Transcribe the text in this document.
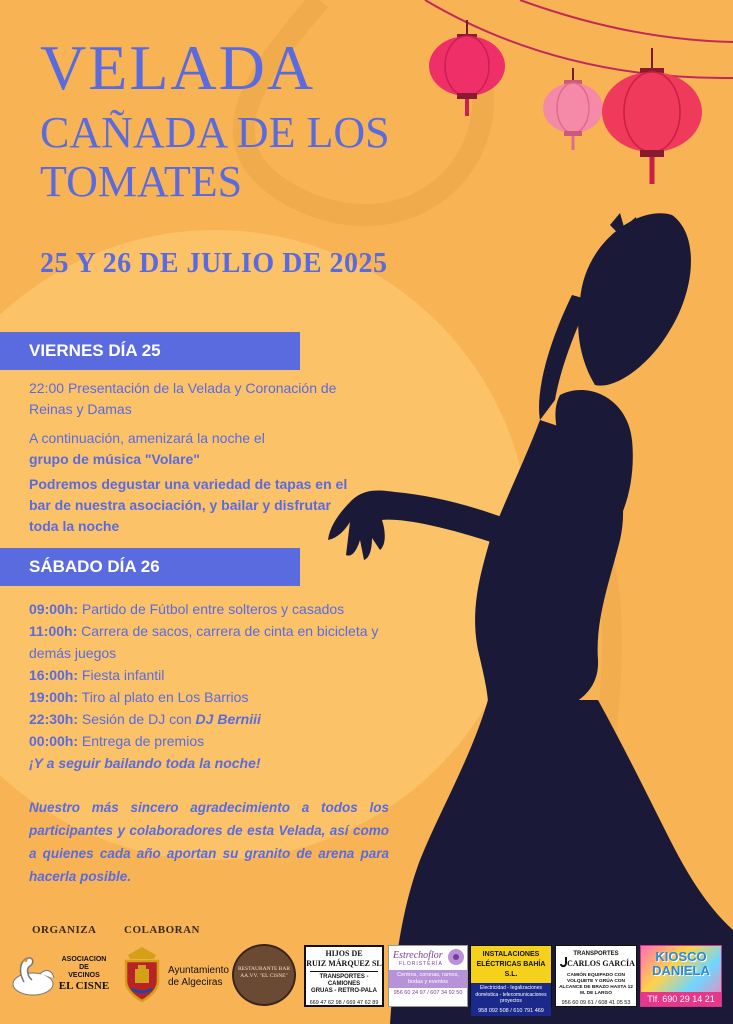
VELADA
CAÑADA DE LOS TOMATES
25 Y 26 DE JULIO DE 2025
VIERNES DÍA 25
22:00 Presentación de la Velada y Coronación de Reinas y Damas
A continuación, amenizará la noche el
grupo de música "Volare"
Podremos degustar una variedad de tapas en el bar de nuestra asociación, y bailar y disfrutar toda la noche
SÁBADO DÍA 26
09:00h: Partido de Fútbol entre solteros y casados
11:00h: Carrera de sacos, carrera de cinta en bicicleta y demás juegos
16:00h: Fiesta infantil
19:00h: Tiro al plato en Los Barrios
22:30h: Sesión de DJ con DJ Berniii
00:00h: Entrega de premios
¡Y a seguir bailando toda la noche!
Nuestro más sincero agradecimiento a todos los participantes y colaboradores de esta Velada, así como a quienes cada año aportan su granito de arena para hacerla posible.
ORGANIZA COLABORAN
ASOCIACION
DE
VECINOS
EL CISNE
Ayuntamiento
de Algeciras
RESTAURANTE BAR
AA.VV. "EL CISNE"
HIJOS DE
RUIZ MÁRQUEZ SL
TRANSPORTES - CAMIONES
GRUAS - RETRO-PALA
669 47 62 98 / 669 47 62 89
Estrechoflor
FLORISTERÍA
Centros, coronas, ramos, bodas y eventos
956 60 24 97 / 607 34 92 50
INSTALACIONES
ELÉCTRICAS BAHÍA S.L.
Electricidad - Iegalizaciones doméstica - telecomunicaciones proyectos
958 092 508 / 610 791 469
TRANSPORTES
CARLOS GARCÍA
CAMIÓN EQUIPADO CON VOLQUETE Y GRÚA CON ALCANCE DE BRAZO HASTA 12 M. DE LARGO
956 60 09 61 / 608 41 05 53
KIOSCO
DANIELA
Tlf. 690 29 14 21
